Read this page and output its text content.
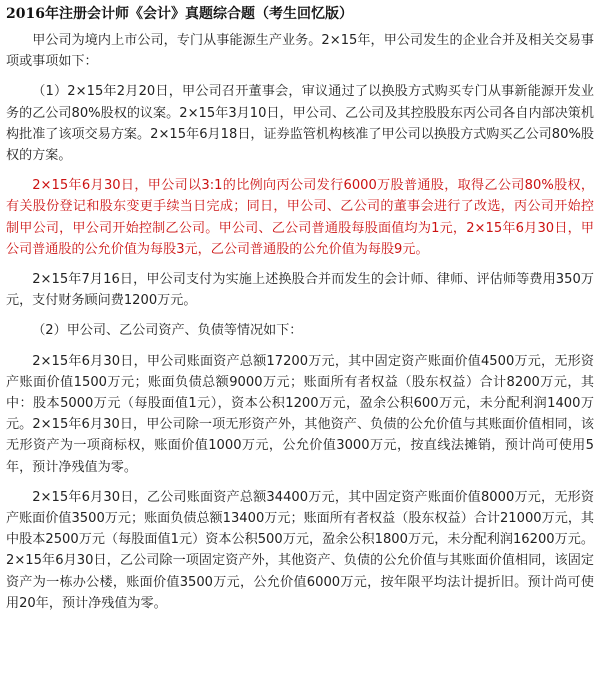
2016年注册会计师《会计》真题综合题（考生回忆版）

甲公司为境内上市公司，专门从事能源生产业务。2×15年，甲公司发生的企业合并及相关交易事项或事项如下：

（1）2×15年2月20日，甲公司召开董事会，审议通过了以换股方式购买专门从事新能源开发业务的乙公司80%股权的议案。2×15年3月10日，甲公司、乙公司及其控股股东丙公司各自内部决策机构批准了该项交易方案。2×15年6月18日，证券监管机构核准了甲公司以换股方式购买乙公司80%股权的方案。

2×15年6月30日，甲公司以3:1的比例向丙公司发行6000万股普通股，取得乙公司80%股权，有关股份登记和股东变更手续当日完成；同日，甲公司、乙公司的董事会进行了改选，丙公司开始控制甲公司，甲公司开始控制乙公司。甲公司、乙公司普通股每股面值均为1元，2×15年6月30日，甲公司普通股的公允价值为每股3元，乙公司普通股的公允价值为每股9元。

2×15年7月16日，甲公司支付为实施上述换股合并而发生的会计师、律师、评估师等费用350万元，支付财务顾问费1200万元。

（2）甲公司、乙公司资产、负债等情况如下：

2×15年6月30日，甲公司账面资产总额17200万元，其中固定资产账面价值4500万元，无形资产账面价值1500万元；账面负债总额9000万元；账面所有者权益（股东权益）合计8200万元，其中：股本5000万元（每股面值1元），资本公积1200万元，盈余公积600万元，未分配利润1400万元。2×15年6月30日，甲公司除一项无形资产外，其他资产、负债的公允价值与其账面价值相同，该无形资产为一项商标权，账面价值1000万元，公允价值3000万元，按直线法摊销，预计尚可使用5年，预计净残值为零。

2×15年6月30日，乙公司账面资产总额34400万元，其中固定资产账面价值8000万元，无形资产账面价值3500万元；账面负债总额13400万元；账面所有者权益（股东权益）合计21000万元，其中股本2500万元（每股面值1元）资本公积500万元，盈余公积1800万元，未分配利润16200万元。2×15年6月30日，乙公司除一项固定资产外，其他资产、负债的公允价值与其账面价值相同，该固定资产为一栋办公楼，账面价值3500万元，公允价值6000万元，按年限平均法计提折旧。预计尚可使用20年，预计净残值为零。
